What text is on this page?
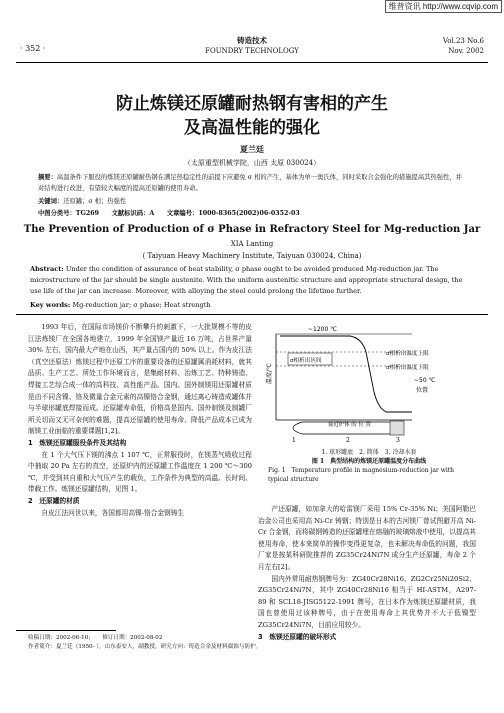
维普资讯 http://www.cqvip.com
· 352 ·
铸造技术
FOUNDRY TECHNOLOGY
Vol.23 No.6
Nov. 2002
防止炼镁还原罐耐热钢有害相的产生
及高温性能的强化
夏兰廷
（太原重型机械学院，山西 太原 030024）
摘要：高温条件下服役的炼镁还原罐耐热钢在满足热稳定性的前提下应避免 σ 相的产生，基体为单一奥氏体，同时采取合金强化的措施提高其热强性，并对结构进行改进，有望较大幅度的提高还原罐的使用寿命。
关键词：还原罐；σ 相；热强性
中图分类号：TG269　　文献标识码：A　　文章编号：1000-8365(2002)06-0352-03
The Prevention of Production of σ Phase in Refractory Steel for Mg-reduction Jar
XIA Lanting
( Taiyuan Heavy Machinery Institute, Taiyuan 030024, China)
Abstract: Under the condition of assurance of heat stability, σ phase ought to be avoided produced Mg-reduction jar. The microstructure of the jar should be single austenite. With the uniform austenitic structure and appropriate structural design, the use life of the jar can increase. Moreover, with alloying the steel could prolong the lifetime further.
Key words: Mg-reduction jar; σ phase; Heat strength

1993 年后，在国际市场镁价不断攀升的刺激下，一大批规模不等的皮江法炼镁厂在全国各地建立，1999 年全国镁产量近 16 万吨，占世界产量 30% 左右，国内最大产地在山西，其产量占国内的 50% 以上。作为皮江法（真空还原法）炼镁过程中还原工序的重要设备的还原罐属消耗材料，就其品质、生产工艺、所处工作环境而言，是集耐材料、冶炼工艺、特种铸造、焊接工艺综合成一体的高科技、高性能产品。国内、国外制镁用还原罐材质是由不同含镍、铬及微量合金元素的高镍铬合金钢，通过离心铸造成罐体并与半球形罐底焊接而成。还原罐寿命低，价格高是国内、国外制镁及制罐厂所关切而又无可奈何的难题，提高还原罐的使用寿命、降低产品成本已成为制镁工业面临的重要课题[1,2]。

1　炼镁还原罐服役条件及其结构

在 1 个大气压下镁的沸点 1 107 ℃，正常服役时，在镁蒸气吸收过程中抽取 20 Pa 左右的真空，还原炉内的还原罐工作温度在 1 200 ℃～300 ℃，并受到其自重和大气压产生的载负，工作条件为典型的高温、长时间、带载工作。炼镁还原罐结构，见图 1。

2　还原罐的材质

自皮江法问世以来，各国都用高镍-铬合金钢铸生

收稿日期：2002-06-10；　　修订日期：2002-08-02
作者简介：夏兰廷（1950- ），山东泰安人，副教授，研究方向：铸造合金及材料腐蚀与防护。
~1200 ℃
温度/℃
σ相析出区间
σ相析出温度上限
σ相析出温度下限
~50 ℃
位置
接近炉体 的 位 置
1	2	3
1. 球形罐底　2. 简体　3. 冷却水套
图 1　典型结构的炼镁还原罐温度分布曲线
Fig. 1　 Temperature profile in magnesium-reduction jar with typical structure

产还原罐，如加拿大的哈雷镁厂采用 15% Cr-35% Ni；美国阿勒巴冶金公司也采用高 Ni-Cr 铸钢；特别是日本的古河镁厂曾试图避开高 Ni-Cr 合金钢，而将碳钢铸造的还原罐埋在熔融的玻璃熔液中使用，以提高其使用寿命，使本来简单的操作变得更复杂，也未解决寿命低的问题，我国厂家是按某科研院推荐的 ZG35Cr24Ni7N 成分生产还原罐，寿命 2 个月左右[2]。

国内外常用耐热钢牌号为：ZG40Cr28Ni16、ZG2Cr25Ni20Si2、ZG35Cr24Ni7N，其中 ZG40Cr28Ni16 相当于 HI-ASTM，A297-89 和 SCL18-JISG5122-1991 牌号，在日本作为炼镁还原罐材质，我国也曾使用过该种牌号，由于在使用寿命上其优势并不大于低镍型 ZG35Cr24Ni7N，目前应用较少。

3　炼镁还原罐的破坏形式
